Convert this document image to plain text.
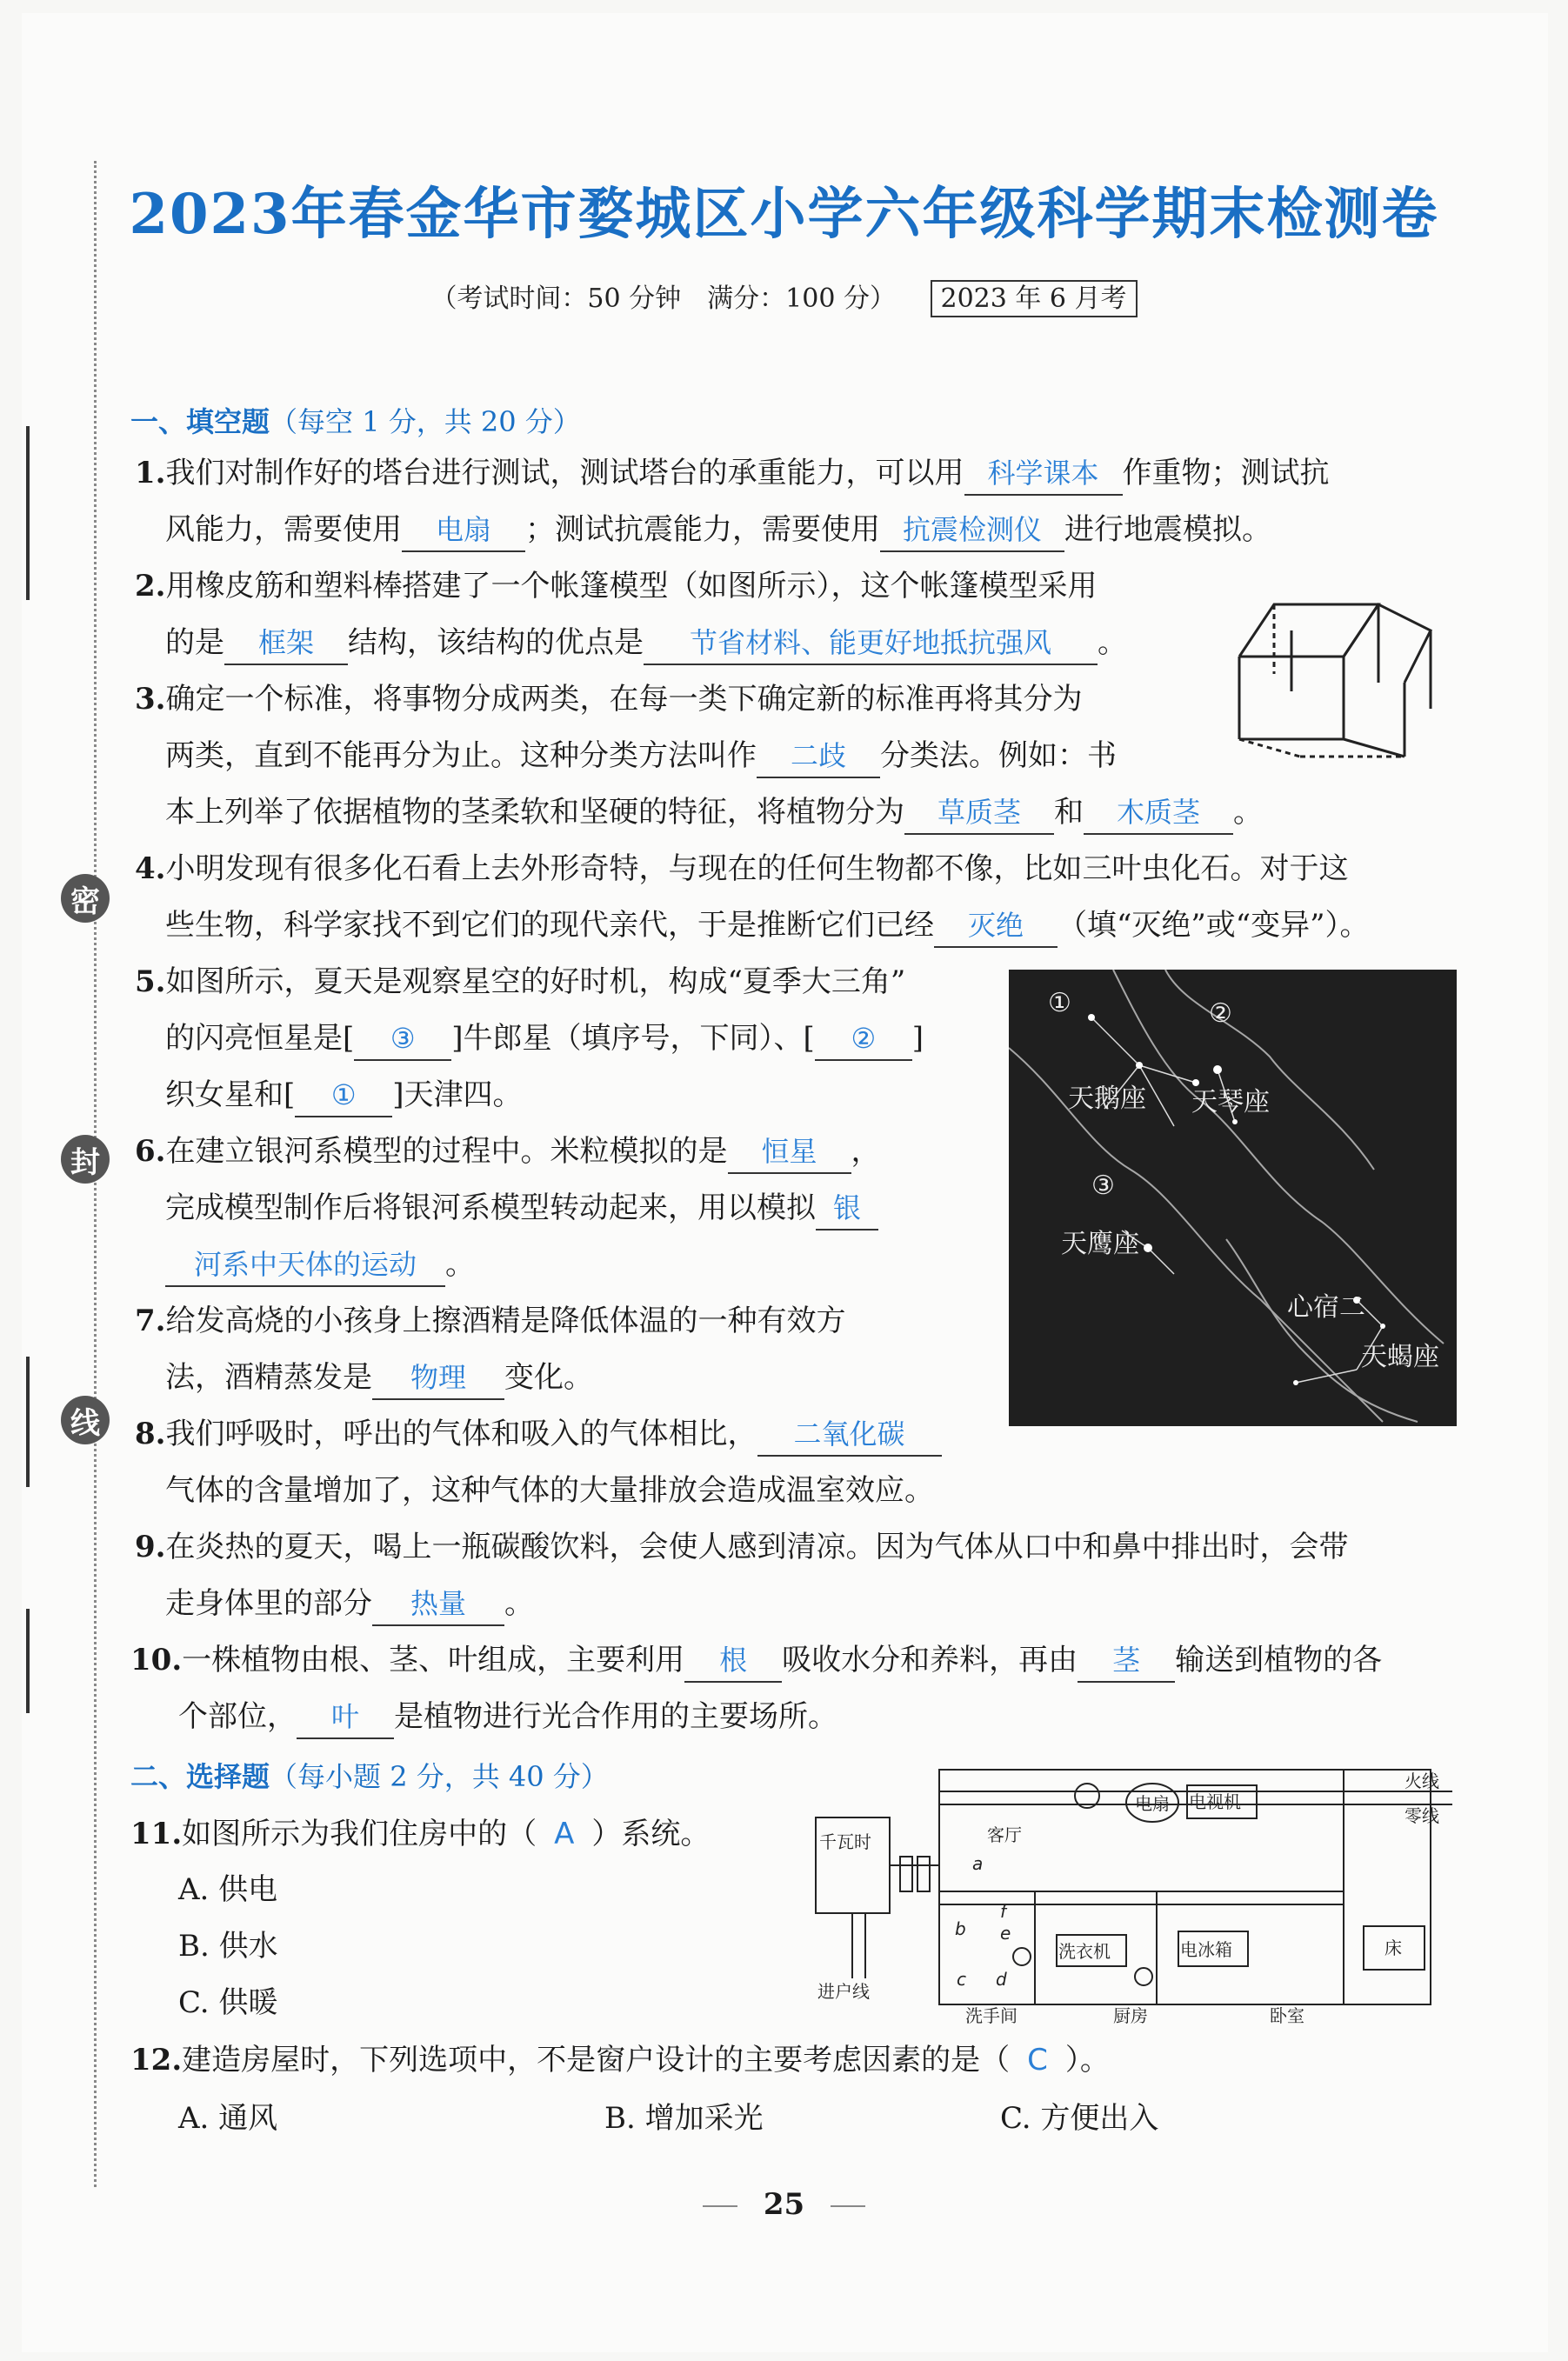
密
封
线
2023年春金华市婺城区小学六年级科学期末检测卷
（考试时间：50 分钟　满分：100 分） 2023 年 6 月考
一、填空题（每空 1 分，共 20 分）
1.我们对制作好的塔台进行测试，测试塔台的承重能力，可以用 科学课本 作重物；测试抗
风能力，需要使用 电扇 ；测试抗震能力，需要使用 抗震检测仪 进行地震模拟。
2.用橡皮筋和塑料棒搭建了一个帐篷模型（如图所示），这个帐篷模型采用
的是 框架 结构，该结构的优点是 节省材料、能更好地抵抗强风 。
3.确定一个标准，将事物分成两类，在每一类下确定新的标准再将其分为
两类，直到不能再分为止。这种分类方法叫作 二歧 分类法。例如：书
本上列举了依据植物的茎柔软和坚硬的特征，将植物分为 草质茎 和 木质茎 。
4.小明发现有很多化石看上去外形奇特，与现在的任何生物都不像，比如三叶虫化石。对于这
些生物，科学家找不到它们的现代亲代，于是推断它们已经 灭绝 （填“灭绝”或“变异”）。
5.如图所示，夏天是观察星空的好时机，构成“夏季大三角”
的闪亮恒星是[ ③ ]牛郎星（填序号，下同）、[ ② ]
织女星和[ ① ]天津四。
①	②
③
天鹅座 天琴座
天鹰座
心宿二
天蝎座
6.在建立银河系模型的过程中。米粒模拟的是 恒星 ，
完成模型制作后将银河系模型转动起来，用以模拟 银
河系中天体的运动 。
7.给发高烧的小孩身上擦酒精是降低体温的一种有效方
法，酒精蒸发是 物理 变化。
8.我们呼吸时，呼出的气体和吸入的气体相比， 二氧化碳
气体的含量增加了，这种气体的大量排放会造成温室效应。
9.在炎热的夏天，喝上一瓶碳酸饮料，会使人感到清凉。因为气体从口中和鼻中排出时，会带
走身体里的部分 热量 。
10.一株植物由根、茎、叶组成，主要利用 根 吸收水分和养料，再由 茎 输送到植物的各
个部位， 叶 是植物进行光合作用的主要场所。
二、选择题（每小题 2 分，共 40 分）
11.如图所示为我们住房中的（ A ）系统。
A. 供电
B. 供水
C. 供暖
千瓦时
进户线
客厅
电扇 电视机
火线
零线
洗衣机	电冰箱	床
洗手间	厨房	卧室
a
b
c d
e
f
12.建造房屋时，下列选项中，不是窗户设计的主要考虑因素的是（ C ）。
A. 通风	B. 增加采光	C. 方便出入
25
